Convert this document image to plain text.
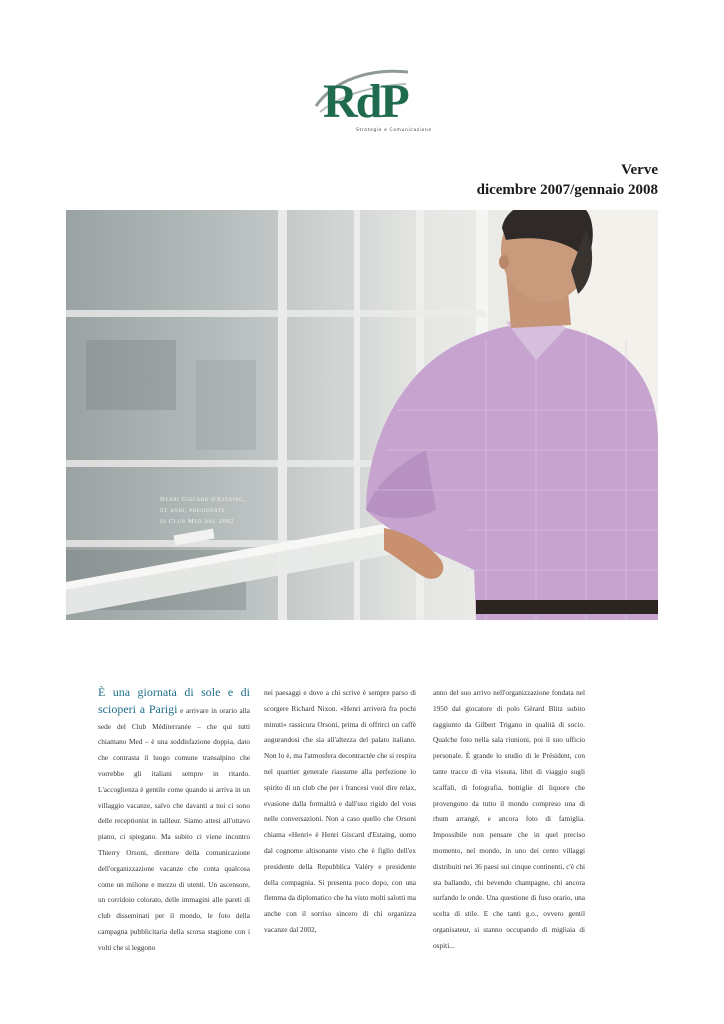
RdP
Strategie e Comunicazione
Verve
dicembre 2007/gennaio 2008
Henri Giscard d'Estaing,
51 anni, presidente
di Club Med dal 2002
È una giornata di sole e di scioperi a Parigi e arrivare in orario alla sede del Club Méditerranée – che qui tutti chiamano Med – è una soddisfazione doppia, dato che contrasta il luogo comune transalpino che vorrebbe gli italiani sempre in ritardo. L'accoglienza è gentile come quando si arriva in un villaggio vacanze, salvo che davanti a noi ci sono delle receptionist in tailleur. Siamo attesi all'ottavo piano, ci spiegano. Ma subito ci viene incontro Thierry Orsoni, direttore della comunicazione dell'organizzazione vacanze che conta qualcosa come un milione e mezzo di utenti. Un ascensore, un corridoio colorato, delle immagini alle pareti di club disseminati per il mondo, le foto della campagna pubblicitaria della scorsa stagione con i volti che si leggono
nei paesaggi e dove a chi scrive è sempre parso di scorgere Richard Nixon. «Henri arriverà fra pochi minuti» rassicura Orsoni, prima di offrirci un caffè augurandosi che sia all'altezza del palato italiano. Non lo è, ma l'atmosfera decontractée che si respira nel quartier generale riassume alla perfezione lo spirito di un club che per i francesi vuol dire relax, evasione dalla formalità e dall'uso rigido del vous nelle conversazioni. Non a caso quello che Orsoni chiama «Henri» è Henri Giscard d'Estaing, uomo dal cognome altisonante visto che è figlio dell'ex presidente della Repubblica Valéry e presidente della compagnia. Si presenta poco dopo, con una flemma da diplomatico che ha visto molti salotti ma anche con il sorriso sincero di chi organizza vacanze dal 2002,
anno del suo arrivo nell'organizzazione fondata nel 1950 dal giocatore di polo Gérard Blitz subito raggiunto da Gilbert Trigano in qualità di socio. Qualche foto nella sala riunioni, poi il suo ufficio personale. È grande lo studio di le Président, con tante tracce di vita vissuta, libri di viaggio sugli scaffali, di fotografia, bottiglie di liquore che provengono da tutto il mondo compreso una di rhum arrangé, e ancora foto di famiglia. Impossibile non pensare che in quel preciso momento, nel mondo, in uno dei cento villaggi distribuiti nei 36 paesi sui cinque continenti, c'è chi sta ballando, chi bevendo champagne, chi ancora surfando le onde. Una questione di fuso orario, una scelta di stile. E che tanti g.o., ovvero gentil organisateur, si stanno occupando di migliaia di ospiti...
